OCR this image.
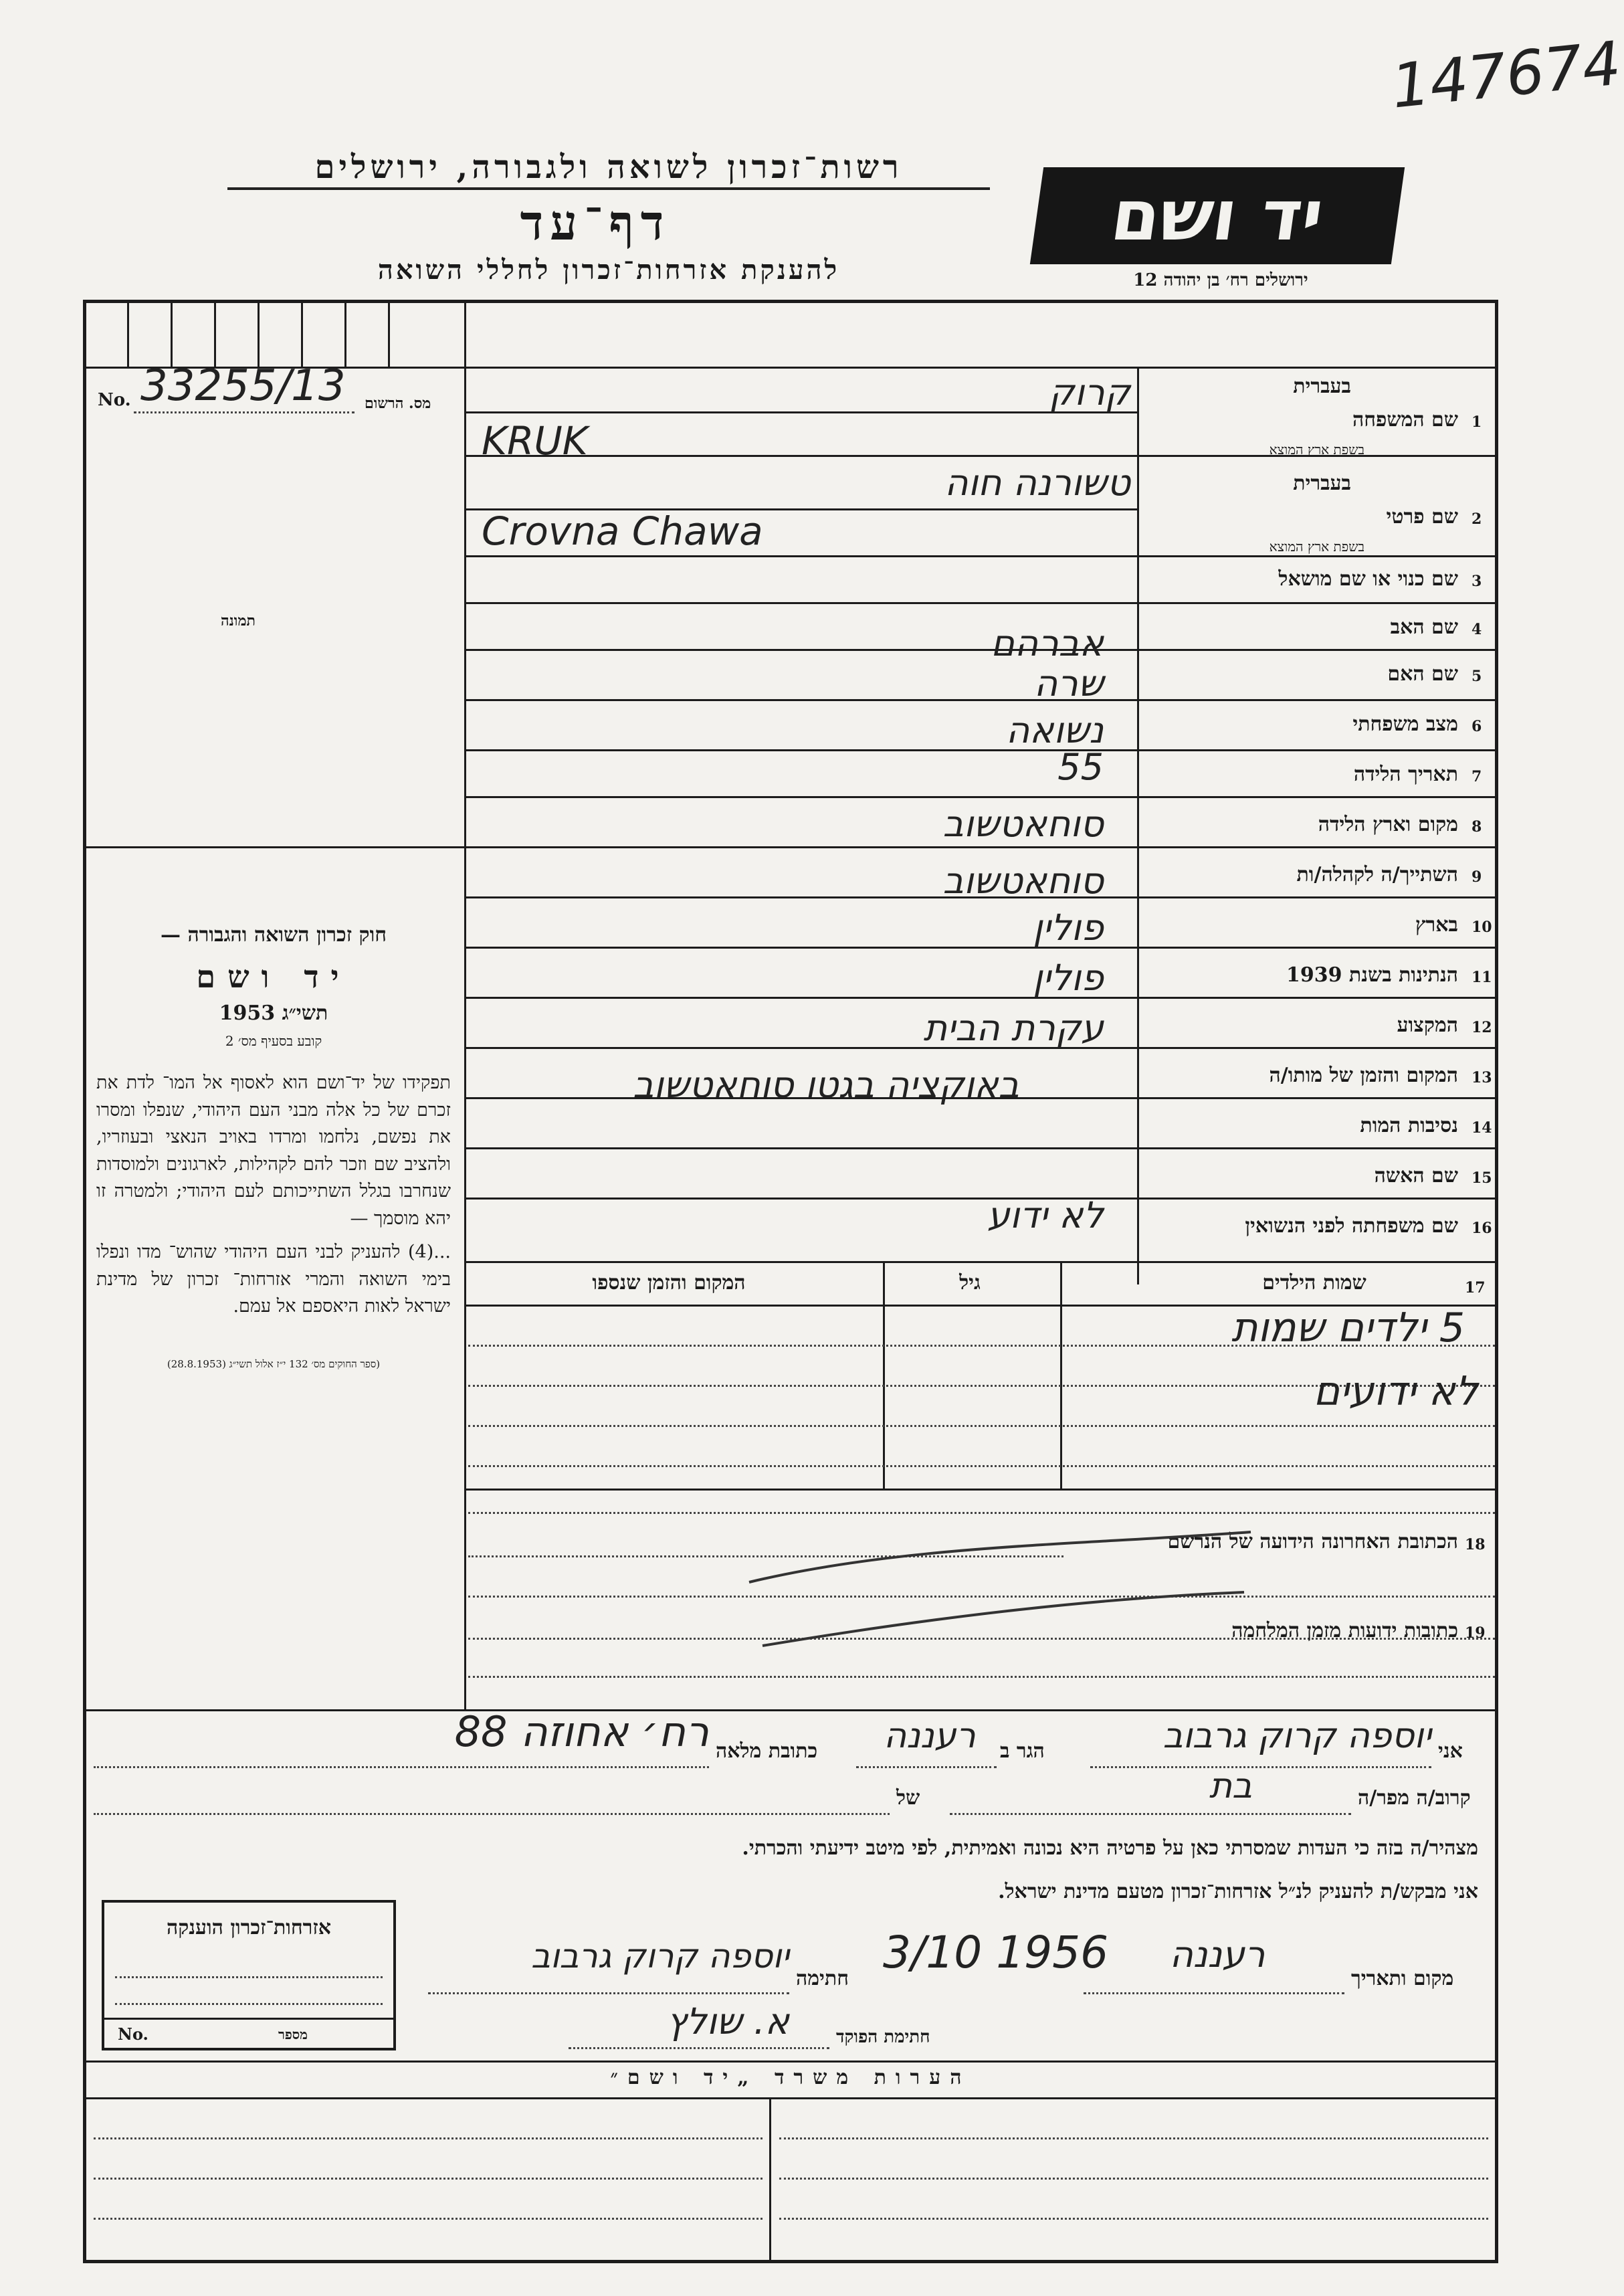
147674
רשות־זכרון לשואה ולגבורה, ירושלים
דף־עד
להענקת אזרחות־זכרון לחללי השואה
יד ושם
ירושלים רח׳ בן יהודה 12
No. 33255/13 מס. הרשום
תמונה
חוק זכרון השואה והגבורה —
יד ושם
תשי״ג 1953
קובע בסעיף מס׳ 2
תפקידו של יד־ושם הוא לאסוף אל המו־ לדת את זכרם של כל אלה מבני העם היהודי, שנפלו ומסרו את נפשם, נלחמו ומרדו באויב הנאצי ובעוזריו, ולהציב שם וזכר להם לקהילות, לארגונים ולמוסדות שנחרבו בגלל השתייכותם לעם היהודי; ולמטרה זו יהא מוסמך —
...(4) להעניק לבני העם היהודי שהוש־ מדו ונפלו בימי השואה והמרי אזרחות־ זכרון של מדינת ישראל לאות היאספם אל עמם.
(ספר החוקים מס׳ 132 י״ז אלול תשי״ג (28.8.1953)
1
שם המשפחה
בעברית
בשפת ארץ המוצא
קרוק
KRUK
2
שם פרטי
בעברית
בשפת ארץ המוצא
טשורנה חוה
Crovna Chawa
3
שם כנוי או שם מושאל
4
שם האב
אברהם
5
שם האם
שרה
6
מצב משפחתי
נשואה
7
תאריך הלידה
55
8
מקום וארץ הלידה
סוחאטשוב
9
השתייך/ה לקהלה/ות
סוחאטשוב
10
בארץ
פולין
11
הנתינות בשנת 1939
פולין
12
המקצוע
עקרת הבית
13
המקום והזמן של מותו/ה
באוקציה בגטו סוחאטשוב
14
נסיבות המות
15
שם האשה
16
שם משפחתה לפני הנשואין
לא ידוע
17
שמות הילדים
גיל
המקום והזמן שנספו
5 ילדים שמות
לא ידועים
18
הכתובת האחרונה הידועה של הנרשם
19
כתובות ידועות מזמן המלחמה
אני
יוספה קרוק גרבוב
הגר ב
רעננה
כתובת מלאה
רח׳ אחוזה 88
קרוב/ה מפר/ה
בת
של
מצהיר/ה בזה כי העדות שמסרתי כאן על פרטיה היא נכונה ואמיתית, לפי מיטב ידיעתי והכרתי.
אני מבקש/ת להעניק לנ״ל אזרחות־זכרון מטעם מדינת ישראל.
מקום ותאריך
רעננה
3/10 1956
חתימה
יוספה קרוק גרבוב
א. שולץ	חתימת הפוקד
אזרחות־זכרון הוענקה
No.	מספר
הערות משרד „יד ושם״
